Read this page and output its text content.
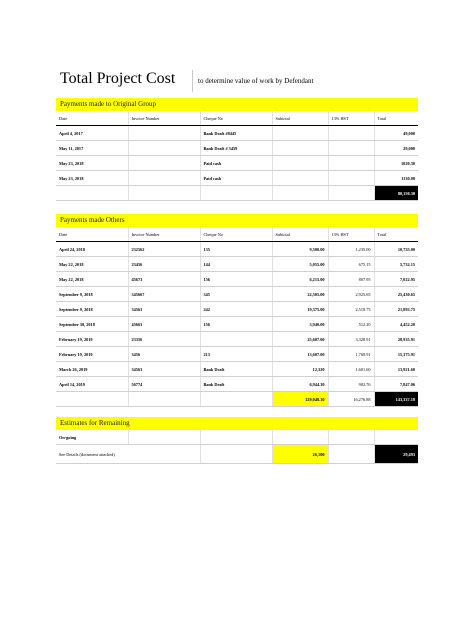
Total Project Cost	to determine value of work by Defendant
Payments made to Original Group
Date	Invoice Number	Cheque No	Subtotal	13% HST	Total
April 4, 2017		Bank Draft #8445			49,000
May 11, 2017		Bank Draft # 3459			29,000
May 23, 2018		Paid cash			1020.30
May 23, 2018		Paid cash			1130.00
					80,150.30
Payments made Others
Date	Invoice Number	Cheque No	Subtotal	13% HST	Total
April 24, 2018	232562	135	9,500.00	1,235.00	10,735.00
May 22, 2018	23456	144	5,055.00	675.15	5,732.15
May 22, 2018	45673	156	6,215.00	807.95	7,022.95
September 9, 2018	345667	345	22,505.00	2,925.65	25,430.65
September 9, 2018	34563	242	19,375.00	2,518.75	21,893.75
September 30, 2018	45663	156	3,940.00	512.20	4,452.20
February 19, 2019	23356		25,607.00	3,328.91	28,935.91
February 19, 2019	3456	213	13,607.00	1,768.91	15,375.91
March 26, 2019	34563	Bank Draft	12,320	1,601.60	13,921.60
April 14, 2019	56774	Bank Draft	6,944.30	902.76	7,847.06
			129,048.30	16,276.88	143,337.18
Estimates for Remaining
On-going					
See Details (document attached)			26,100		29,493
